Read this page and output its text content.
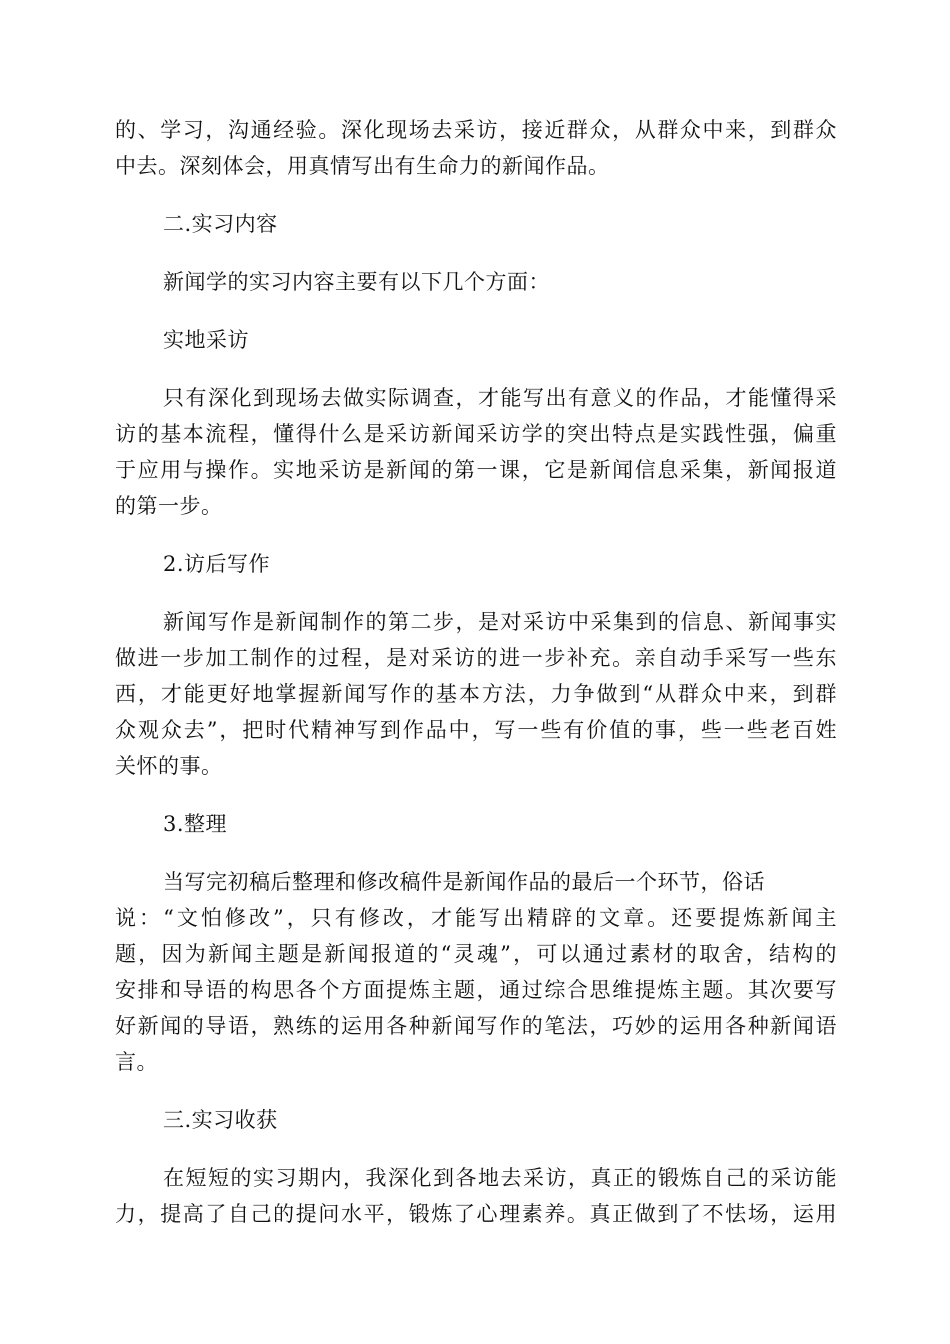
的、学习，沟通经验。深化现场去采访，接近群众，从群众中来，到群众
中去。深刻体会，用真情写出有生命力的新闻作品。

二.实习内容

新闻学的实习内容主要有以下几个方面：

实地采访

只有深化到现场去做实际调查，才能写出有意义的作品，才能懂得采
访的基本流程，懂得什么是采访新闻采访学的突出特点是实践性强，偏重
于应用与操作。实地采访是新闻的第一课，它是新闻信息采集，新闻报道
的第一步。

2.访后写作

新闻写作是新闻制作的第二步，是对采访中采集到的信息、新闻事实
做进一步加工制作的过程，是对采访的进一步补充。亲自动手采写一些东
西，才能更好地掌握新闻写作的基本方法，力争做到“从群众中来，到群
众观众去”，把时代精神写到作品中，写一些有价值的事，些一些老百姓
关怀的事。

3.整理

当写完初稿后整理和修改稿件是新闻作品的最后一个环节，俗话
说：“文怕修改”，只有修改，才能写出精辟的文章。还要提炼新闻主
题，因为新闻主题是新闻报道的“灵魂”，可以通过素材的取舍，结构的
安排和导语的构思各个方面提炼主题，通过综合思维提炼主题。其次要写
好新闻的导语，熟练的运用各种新闻写作的笔法，巧妙的运用各种新闻语
言。

三.实习收获

在短短的实习期内，我深化到各地去采访，真正的锻炼自己的采访能
力，提高了自己的提问水平，锻炼了心理素养。真正做到了不怯场，运用
